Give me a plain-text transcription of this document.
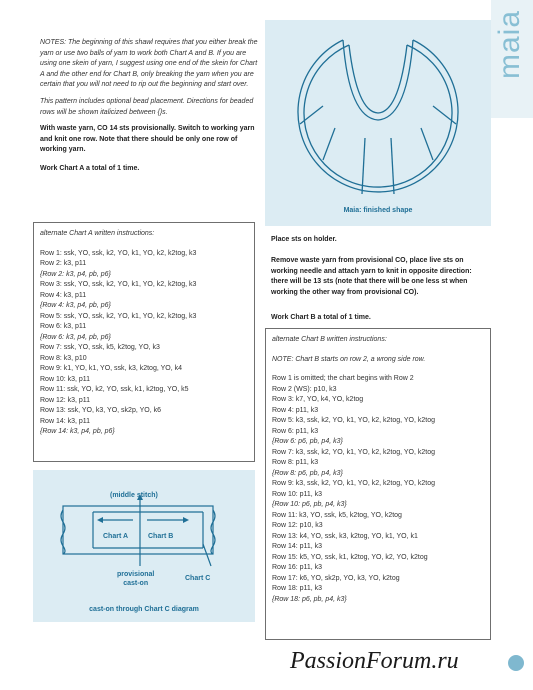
maia

NOTES: The beginning of this shawl requires that you either break the yarn or use two balls of yarn to work both Chart A and B. If you are using one skein of yarn, I suggest using one end of the skein for Chart A and the other end for Chart B, only breaking the yarn when you are certain that you will not need to rip out the beginning and start over.

This pattern includes optional bead placement. Directions for beaded rows will be shown italicized between {}s.

With waste yarn, CO 14 sts provisionally. Switch to working yarn and knit one row. Note that there should be only one row of working yarn.

Work Chart A a total of 1 time.

alternate Chart A written instructions:
Row 1: ssk, YO, ssk, k2, YO, k1, YO, k2, k2tog, k3
Row 2: k3, p11
{Row 2: k3, p4, pb, p6}
Row 3: ssk, YO, ssk, k2, YO, k1, YO, k2, k2tog, k3
Row 4: k3, p11
{Row 4: k3, p4, pb, p6}
Row 5: ssk, YO, ssk, k2, YO, k1, YO, k2, k2tog, k3
Row 6: k3, p11
{Row 6: k3, p4, pb, p6}
Row 7: ssk, YO, ssk, k5, k2tog, YO, k3
Row 8: k3, p10
Row 9: k1, YO, k1, YO, ssk, k3, k2tog, YO, k4
Row 10: k3, p11
Row 11: ssk, YO, k2, YO, ssk, k1, k2tog, YO, k5
Row 12: k3, p11
Row 13: ssk, YO, k3, YO, sk2p, YO, k6
Row 14: k3, p11
{Row 14: k3, p4, pb, p6}
(middle stitch)
Chart A	Chart B
provisional
cast-on
Chart C
cast-on through Chart C diagram
Maia: finished shape
Place sts on holder.
Remove waste yarn from provisional CO, place live sts on working needle and attach yarn to knit in opposite direction: there will be 13 sts (note that there will be one less st when working the other way from provisional CO).
Work Chart B a total of 1 time.
alternate Chart B written instructions:
NOTE: Chart B starts on row 2, a wrong side row.
Row 1 is omitted; the chart begins with Row 2
Row 2 (WS): p10, k3
Row 3: k7, YO, k4, YO, k2tog
Row 4: p11, k3
Row 5: k3, ssk, k2, YO, k1, YO, k2, k2tog, YO, k2tog
Row 6: p11, k3
{Row 6: p6, pb, p4, k3}
Row 7: k3, ssk, k2, YO, k1, YO, k2, k2tog, YO, k2tog
Row 8: p11, k3
{Row 8: p6, pb, p4, k3}
Row 9: k3, ssk, k2, YO, k1, YO, k2, k2tog, YO, k2tog
Row 10: p11, k3
{Row 10: p6, pb, p4, k3}
Row 11: k3, YO, ssk, k5, k2tog, YO, k2tog
Row 12: p10, k3
Row 13: k4, YO, ssk, k3, k2tog, YO, k1, YO, k1
Row 14: p11, k3
Row 15: k5, YO, ssk, k1, k2tog, YO, k2, YO, k2tog
Row 16: p11, k3
Row 17: k6, YO, sk2p, YO, k3, YO, k2tog
Row 18: p11, k3
{Row 18: p6, pb, p4, k3}
PassionForum.ru
